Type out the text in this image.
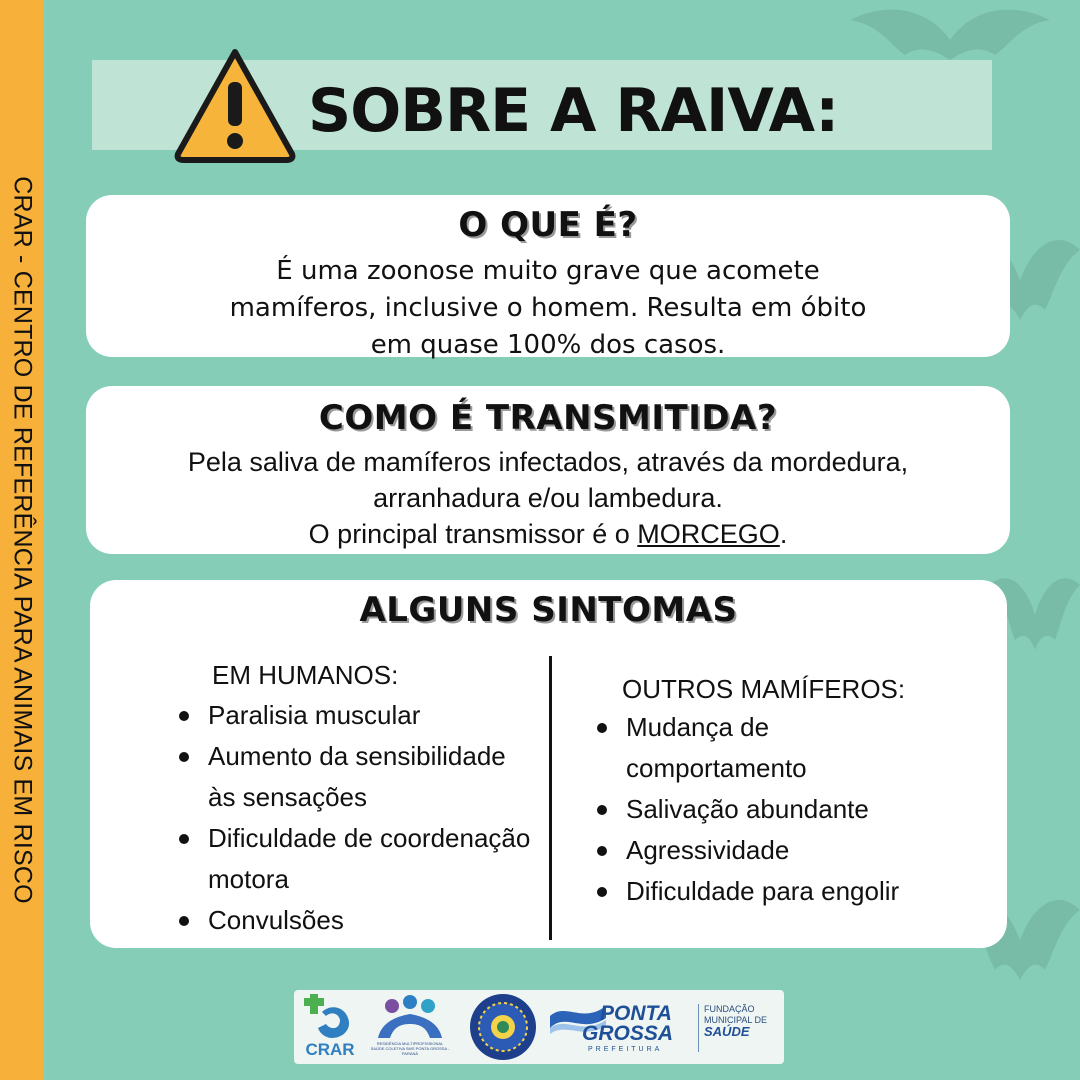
CRAR - CENTRO DE REFERÊNCIA PARA ANIMAIS EM RISCO
SOBRE A RAIVA:
O QUE É?
É uma zoonose muito grave que acomete
mamíferos, inclusive o homem. Resulta em óbito
em quase 100% dos casos.
COMO É TRANSMITIDA?
Pela saliva de mamíferos infectados, através da mordedura,
arranhadura e/ou lambedura.
O principal transmissor é o MORCEGO.
ALGUNS SINTOMAS
EM HUMANOS:
Paralisia muscular
Aumento da sensibilidade às sensações
Dificuldade de coordenação motora
Convulsões
OUTROS MAMÍFEROS:
Mudança de comportamento
Salivação abundante
Agressividade
Dificuldade para engolir
CRAR	RESIDÊNCIA MULTIPROFISSIONAL SAÚDE COLETIVA SMS PONTA GROSSA - PARANÁ
PONTA
GROSSA
PREFEITURA
FUNDAÇÃO
MUNICIPAL DE
SAÚDE
